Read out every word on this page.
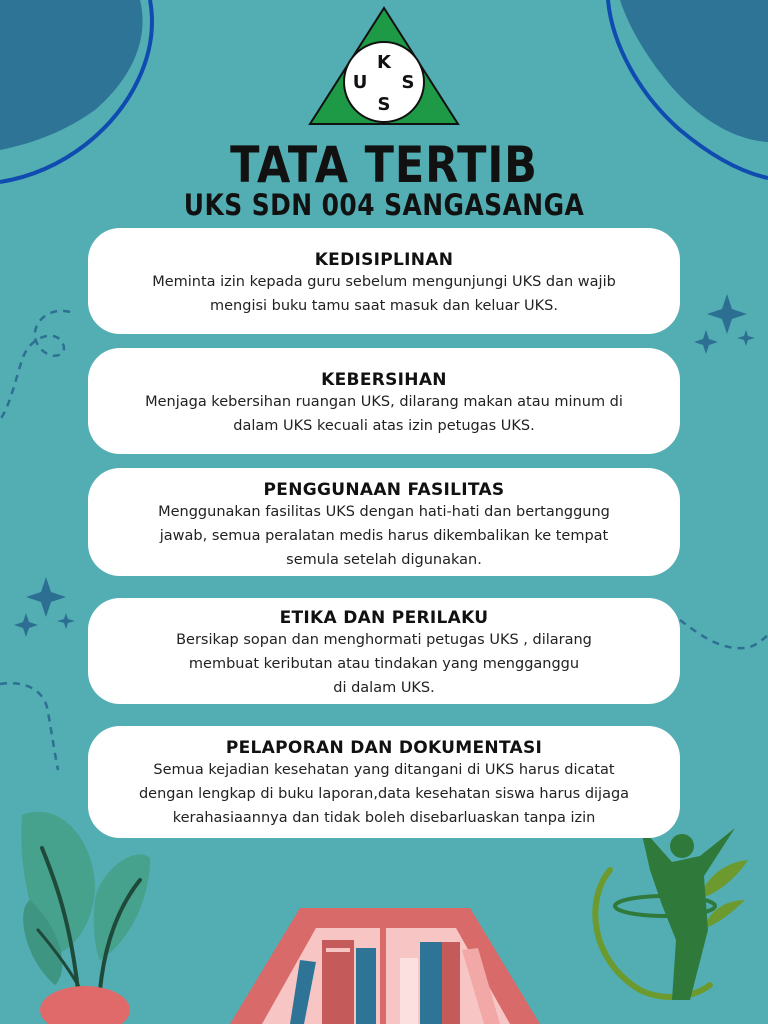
U
K
S
S
TATA TERTIB
UKS SDN 004 SANGASANGA
KEDISIPLINAN

Meminta izin kepada guru sebelum mengunjungi UKS dan wajib
mengisi buku tamu saat masuk dan keluar UKS.

KEBERSIHAN

Menjaga kebersihan ruangan UKS, dilarang makan atau minum di
dalam UKS kecuali atas izin petugas UKS.

PENGGUNAAN FASILITAS

Menggunakan fasilitas UKS dengan hati-hati dan bertanggung
jawab, semua peralatan medis harus dikembalikan ke tempat
semula setelah digunakan.

ETIKA DAN PERILAKU

Bersikap sopan dan menghormati petugas UKS , dilarang
membuat keributan atau tindakan yang mengganggu
di dalam UKS.

PELAPORAN DAN DOKUMENTASI

Semua kejadian kesehatan yang ditangani di UKS harus dicatat
dengan lengkap di buku laporan,data kesehatan siswa harus dijaga
kerahasiaannya dan tidak boleh disebarluaskan tanpa izin
